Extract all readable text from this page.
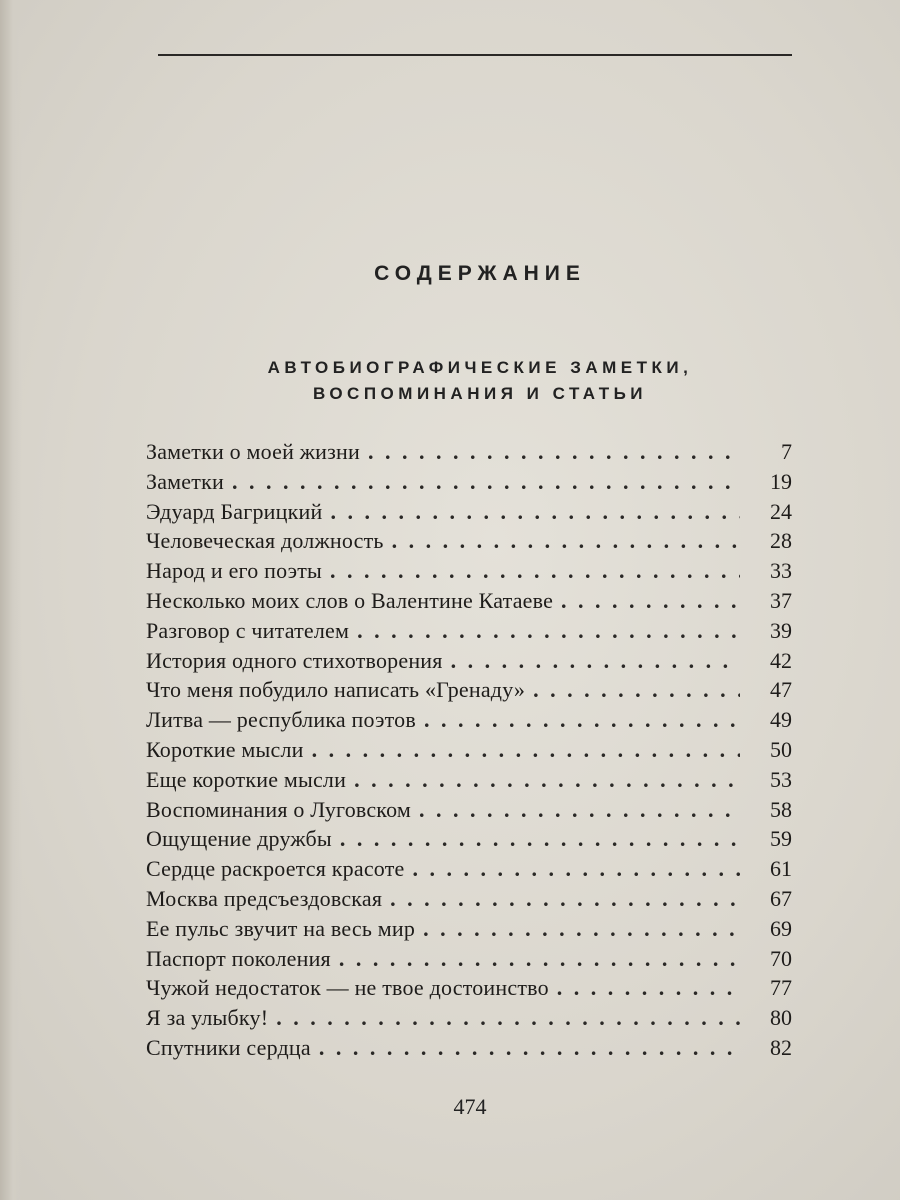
СОДЕРЖАНИЕ
АВТОБИОГРАФИЧЕСКИЕ ЗАМЕТКИ,
ВОСПОМИНАНИЯ И СТАТЬИ
Заметки о моей жизни . . .	7
Заметки . . .	19
Эдуард Багрицкий . . .	24
Человеческая должность . . .	28
Народ и его поэты . . .	33
Несколько моих слов о Валентине Катаеве . . .	37
Разговор с читателем . . .	39
История одного стихотворения . . .	42
Что меня побудило написать «Гренаду» . . .	47
Литва — республика поэтов . . .	49
Короткие мысли . . .	50
Еще короткие мысли . . .	53
Воспоминания о Луговском . . .	58
Ощущение дружбы . . .	59
Сердце раскроется красоте . . .	61
Москва предсъездовская . . .	67
Ее пульс звучит на весь мир . . .	69
Паспорт поколения . . .	70
Чужой недостаток — не твое достоинство . . .	77
Я за улыбку! . . .	80
Спутники сердца . . .	82
474
